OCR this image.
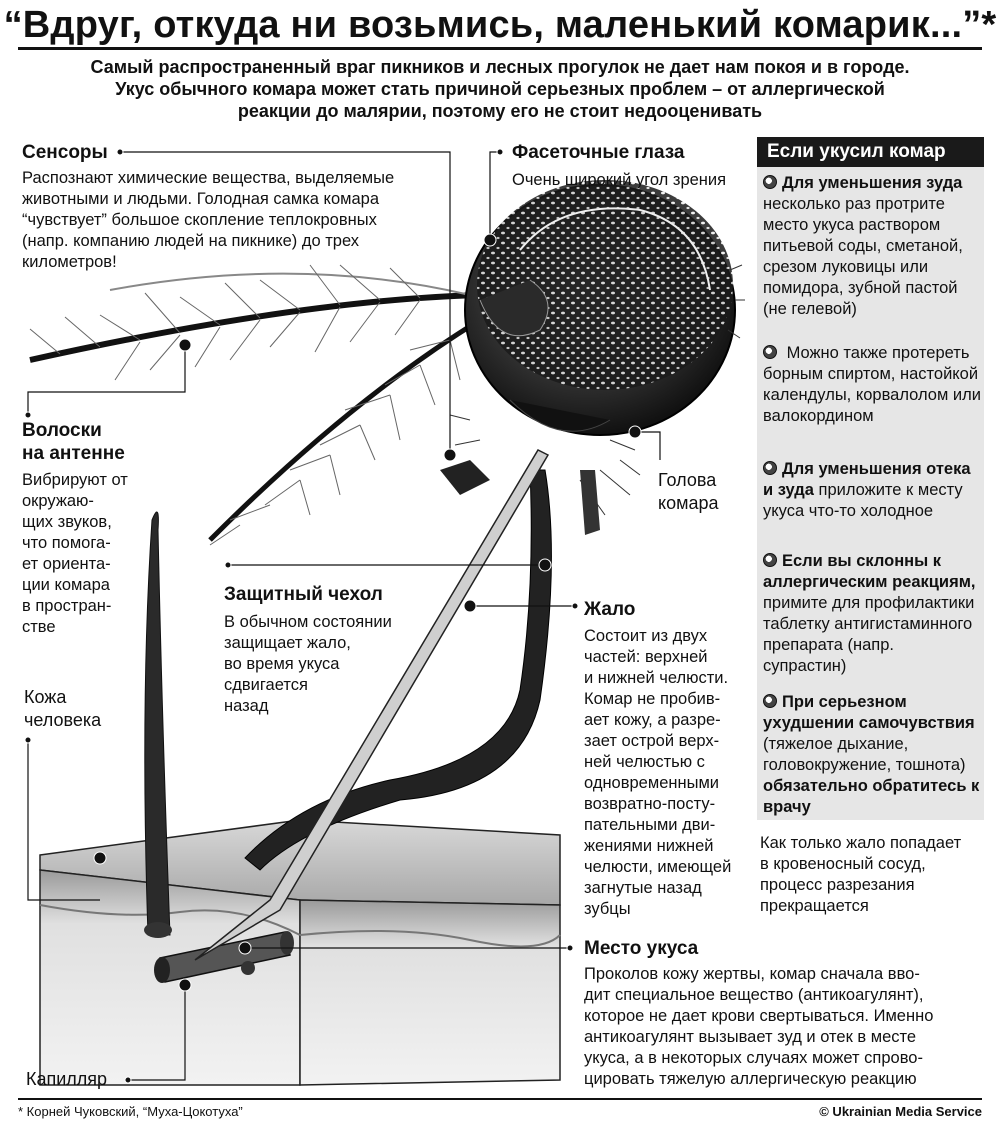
“Вдруг, откуда ни возьмись, маленький комарик...”*
Самый распространенный враг пикников и лесных прогулок не дает нам покоя и в городе.
Укус обычного комара может стать причиной серьезных проблем – от аллергической
реакции до малярии, поэтому его не стоит недооценивать
Сенсоры
Распознают химические вещества, выделяемые
животными и людьми. Голодная самка комара
“чувствует” большое скопление теплокровных
(напр. компанию людей на пикнике) до трех
километров!
Фасеточные глаза
Очень широкий угол зрения
Волоски
на антенне
Вибрируют от
окружаю-
щих звуков,
что помога-
ет ориента-
ции комара
в простран-
стве
Голова
комара
Защитный чехол
В обычном состоянии
защищает жало,
во время укуса
сдвигается
назад
Жало
Состоит из двух
частей: верхней
и нижней челюсти.
Комар не пробив-
ает кожу, а разре-
зает острой верх-
ней челюстью с
одновременными
возвратно-посту-
пательными дви-
жениями нижней
челюсти, имеющей
загнутые назад
зубцы
Кожа
человека
Капилляр
Место укуса
Проколов кожу жертвы, комар сначала вво-
дит специальное вещество (антикоагулянт),
которое не дает крови свертываться. Именно
антикоагулянт вызывает зуд и отек в месте
укуса, а в некоторых случаях может спрово-
цировать тяжелую аллергическую реакцию
Если укусил комар
Для уменьшения зуда несколько раз протрите место укуса раствором питьевой соды, сметаной, срезом луковицы или помидора, зубной пастой (не гелевой)
Можно также протереть борным спиртом, настойкой календулы, корвалолом или валокордином
Для уменьшения отека и зуда приложите к месту укуса что-то холодное
Если вы склонны к аллергическим реакциям, примите для профилактики таблетку антигистаминного препарата (напр. супрастин)
При серьезном ухудшении самочувствия (тяжелое дыхание, головокружение, тошнота) обязательно обратитесь к врачу
Как только жало попадает
в кровеносный сосуд,
процесс разрезания
прекращается
* Корней Чуковский, “Муха-Цокотуха”	© Ukrainian Media Service
